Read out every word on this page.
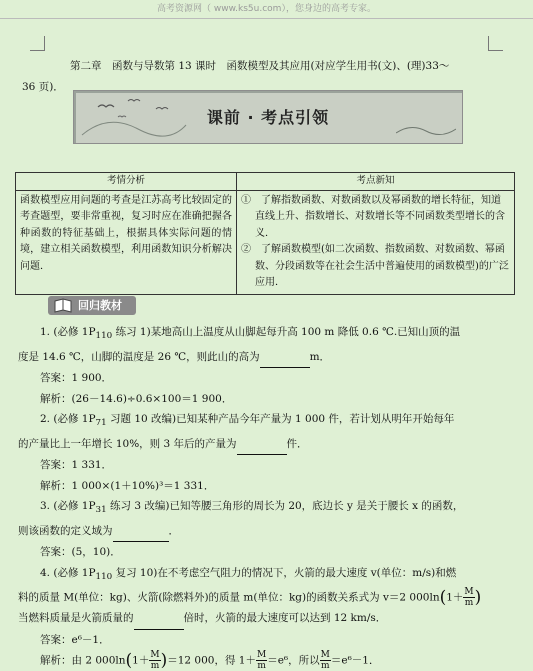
高考资源网（ www.ks5u.com），您身边的高考专家。
第二章　函数与导数第 13 课时　函数模型及其应用(对应学生用书(文)、(理)33～
36 页)．
课前 · 考点引领
考情分析	考点新知
函数模型应用问题的考查是江苏高考比较固定的考查题型，要非常重视，复习时应在准确把握各种函数的特征基础上，根据具体实际问题的情境，建立相关函数模型，利用函数知识分析解决问题．	①　了解指数函数、对数函数以及幂函数的增长特征，知道直线上升、指数增长、对数增长等不同函数类型增长的含义．
②　了解函数模型(如二次函数、指数函数、对数函数、幂函数、分段函数等在社会生活中普遍使用的函数模型)的广泛应用．
回归教材

1. (必修 $1P_{110}$ 练习 1)某地高山上温度从山脚起每升高 100 m 降低 0.6 ℃.已知山顶的温

度是 14.6 ℃，山脚的温度是 26 ℃，则此山的高为	m．

答案：1 900．

解析：(26－14.6)÷0.6×100＝1 900．

2. (必修 $1P_{71}$ 习题 10 改编)已知某种产品今年产量为 1 000 件，若计划从明年开始每年

的产量比上一年增长 10%，则 3 年后的产量为	件．

答案：1 331．

解析：1 000×(1＋10%)³＝1 331．

3. (必修 $1P_{31}$ 练习 3 改编)已知等腰三角形的周长为 20，底边长 y 是关于腰长 x 的函数，

则该函数的定义域为	．

答案：(5，10)．

4. (必修 $1P_{110}$ 复习 10)在不考虑空气阻力的情况下，火箭的最大速度 v(单位：m/s)和燃

料的质量 M(单位：kg)、火箭(除燃料外)的质量 m(单位：kg)的函数关系式为 v＝2 $000\ln(1+ \frac{M}{m}$ )

当燃料质量是火箭质量的	倍时，火箭的最大速度可以达到 12 km/s．

答案：e⁶－1．

解析：由 2 $000\ln(1+ \frac{M}{m} )=12$ 000，得 $1+ \frac{M}{m} =e^6$，所以 $\frac{M}{m} =e^6-1$．
